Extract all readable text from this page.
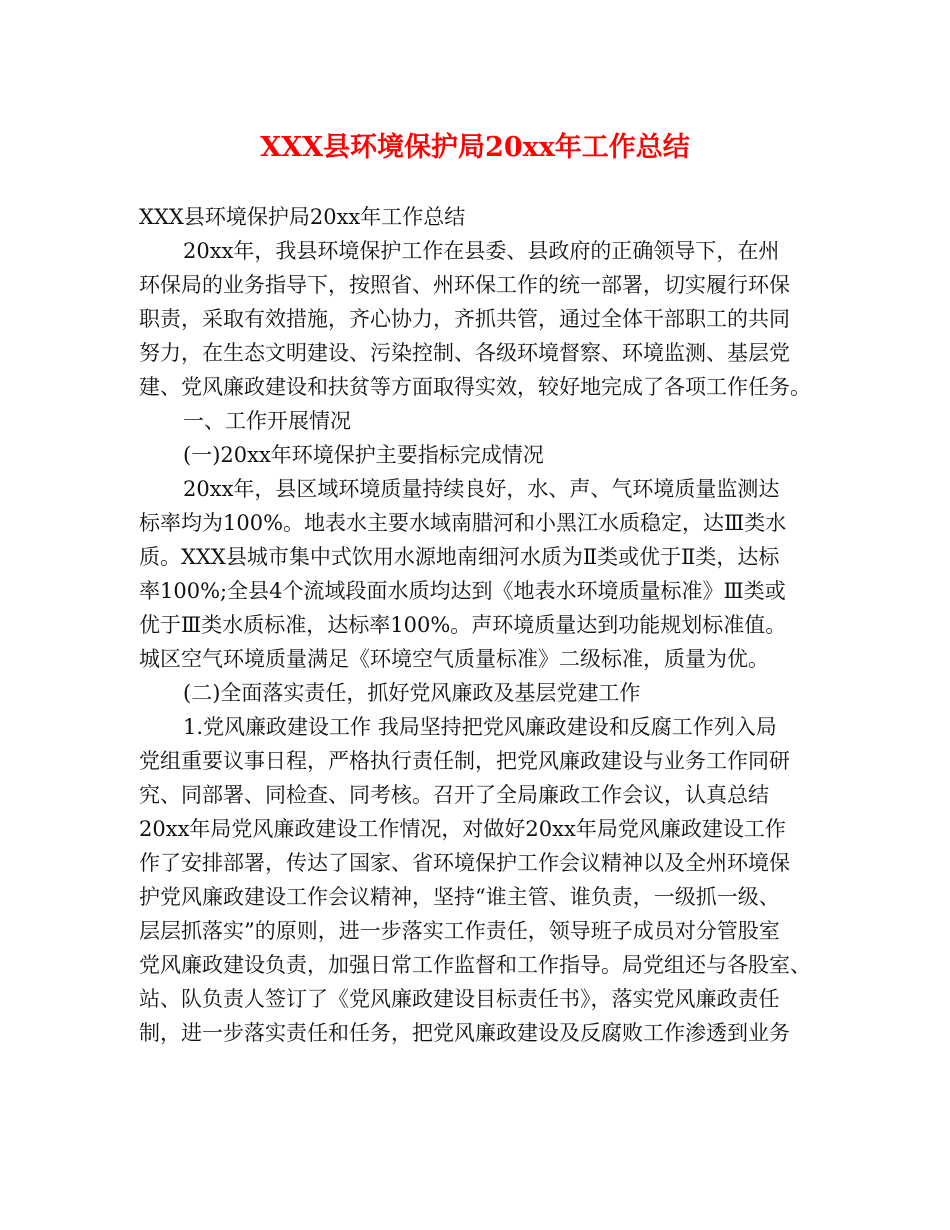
XXX县环境保护局20xx年工作总结
XXX县环境保护局20xx年工作总结
20xx年，我县环境保护工作在县委、县政府的正确领导下，在州
环保局的业务指导下，按照省、州环保工作的统一部署，切实履行环保
职责，采取有效措施，齐心协力，齐抓共管，通过全体干部职工的共同
努力，在生态文明建设、污染控制、各级环境督察、环境监测、基层党
建、党风廉政建设和扶贫等方面取得实效，较好地完成了各项工作任务。
一、工作开展情况
(一)20xx年环境保护主要指标完成情况
20xx年，县区域环境质量持续良好，水、声、气环境质量监测达
标率均为100%。地表水主要水域南腊河和小黑江水质稳定，达Ⅲ类水
质。XXX县城市集中式饮用水源地南细河水质为Ⅱ类或优于Ⅱ类，达标
率100%;全县4个流域段面水质均达到《地表水环境质量标准》Ⅲ类或
优于Ⅲ类水质标准，达标率100%。声环境质量达到功能规划标准值。
城区空气环境质量满足《环境空气质量标准》二级标准，质量为优。
(二)全面落实责任，抓好党风廉政及基层党建工作
1.党风廉政建设工作 我局坚持把党风廉政建设和反腐工作列入局
党组重要议事日程，严格执行责任制，把党风廉政建设与业务工作同研
究、同部署、同检查、同考核。召开了全局廉政工作会议，认真总结
20xx年局党风廉政建设工作情况，对做好20xx年局党风廉政建设工作
作了安排部署，传达了国家、省环境保护工作会议精神以及全州环境保
护党风廉政建设工作会议精神，坚持“谁主管、谁负责，一级抓一级、
层层抓落实”的原则，进一步落实工作责任，领导班子成员对分管股室
党风廉政建设负责，加强日常工作监督和工作指导。局党组还与各股室、
站、队负责人签订了《党风廉政建设目标责任书》，落实党风廉政责任
制，进一步落实责任和任务，把党风廉政建设及反腐败工作渗透到业务
